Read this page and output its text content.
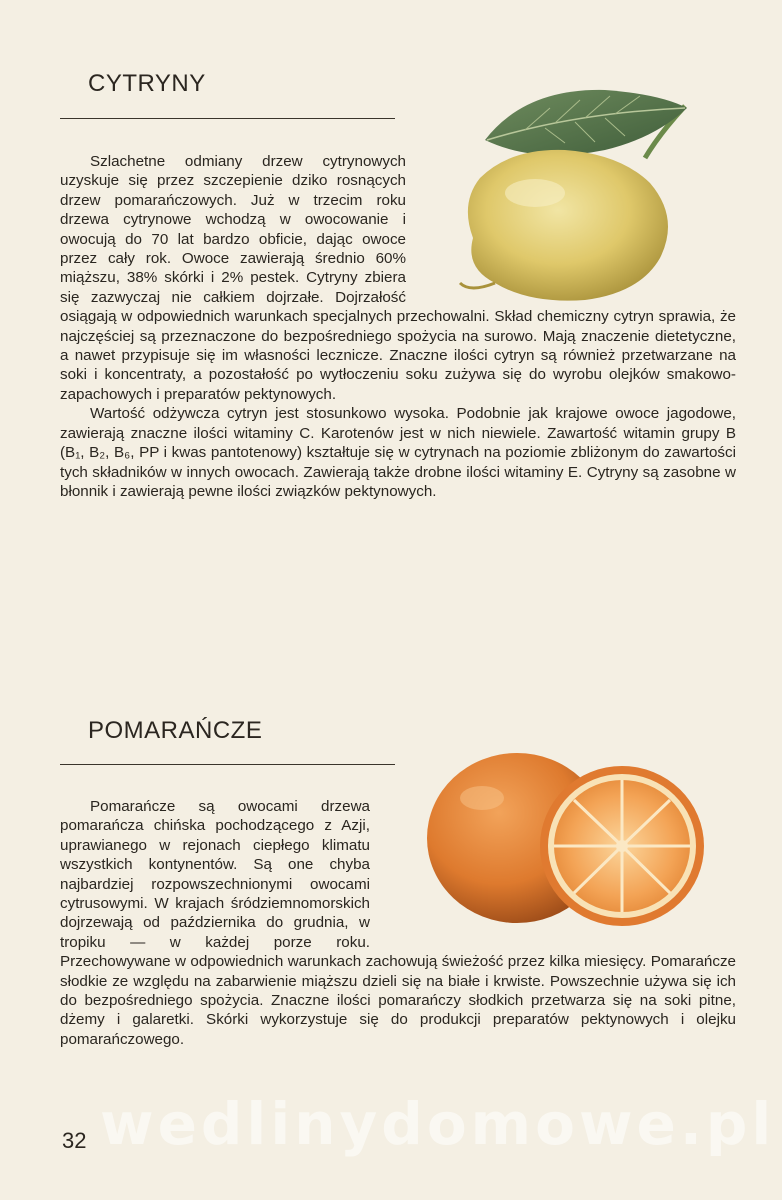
CYTRYNY

Szlachetne odmiany drzew cytrynowych uzyskuje się przez szczepienie dziko rosnących drzew pomarańczowych. Już w trzecim roku drzewa cytrynowe wchodzą w owocowanie i owocują do 70 lat bardzo obficie, dając owoce przez cały rok. Owoce zawierają średnio 60% miąższu, 38% skórki i 2% pestek. Cytryny zbiera się zazwyczaj nie całkiem dojrzałe. Dojrzałość osiągają w odpowiednich warunkach specjalnych przechowalni. Skład chemiczny cytryn sprawia, że najczęściej są przeznaczone do bezpośredniego spożycia na surowo. Mają znaczenie dietetyczne, a nawet przypisuje się im własności lecznicze. Znaczne ilości cytryn są również przetwarzane na soki i koncentraty, a pozostałość po wytłoczeniu soku zużywa się do wyrobu olejków smakowo-zapachowych i preparatów pektynowych.

Wartość odżywcza cytryn jest stosunkowo wysoka. Podobnie jak krajowe owoce jagodowe, zawierają znaczne ilości witaminy C. Karotenów jest w nich niewiele. Zawartość witamin grupy B (B₁, B₂, B₆, PP i kwas pantotenowy) kształtuje się w cytrynach na poziomie zbliżonym do zawartości tych składników w innych owocach. Zawierają także drobne ilości witaminy E. Cytryny są zasobne w błonnik i zawierają pewne ilości związków pektynowych.

POMARAŃCZE

Pomarańcze są owocami drzewa pomarańcza chińska pochodzącego z Azji, uprawianego w rejonach ciepłego klimatu wszystkich kontynentów. Są one chyba najbardziej rozpowszechnionymi owocami cytrusowymi. W krajach śródziemnomorskich dojrzewają od października do grudnia, w tropiku — w każdej porze roku. Przechowywane w odpowiednich warunkach zachowują świeżość przez kilka miesięcy. Pomarańcze słodkie ze względu na zabarwienie miąższu dzieli się na białe i krwiste. Powszechnie używa się ich do bezpośredniego spożycia. Znaczne ilości pomarańczy słodkich przetwarza się na soki pitne, dżemy i galaretki. Skórki wykorzystuje się do produkcji preparatów pektynowych i olejku pomarańczowego.

wedlinydomowe.pl
32
